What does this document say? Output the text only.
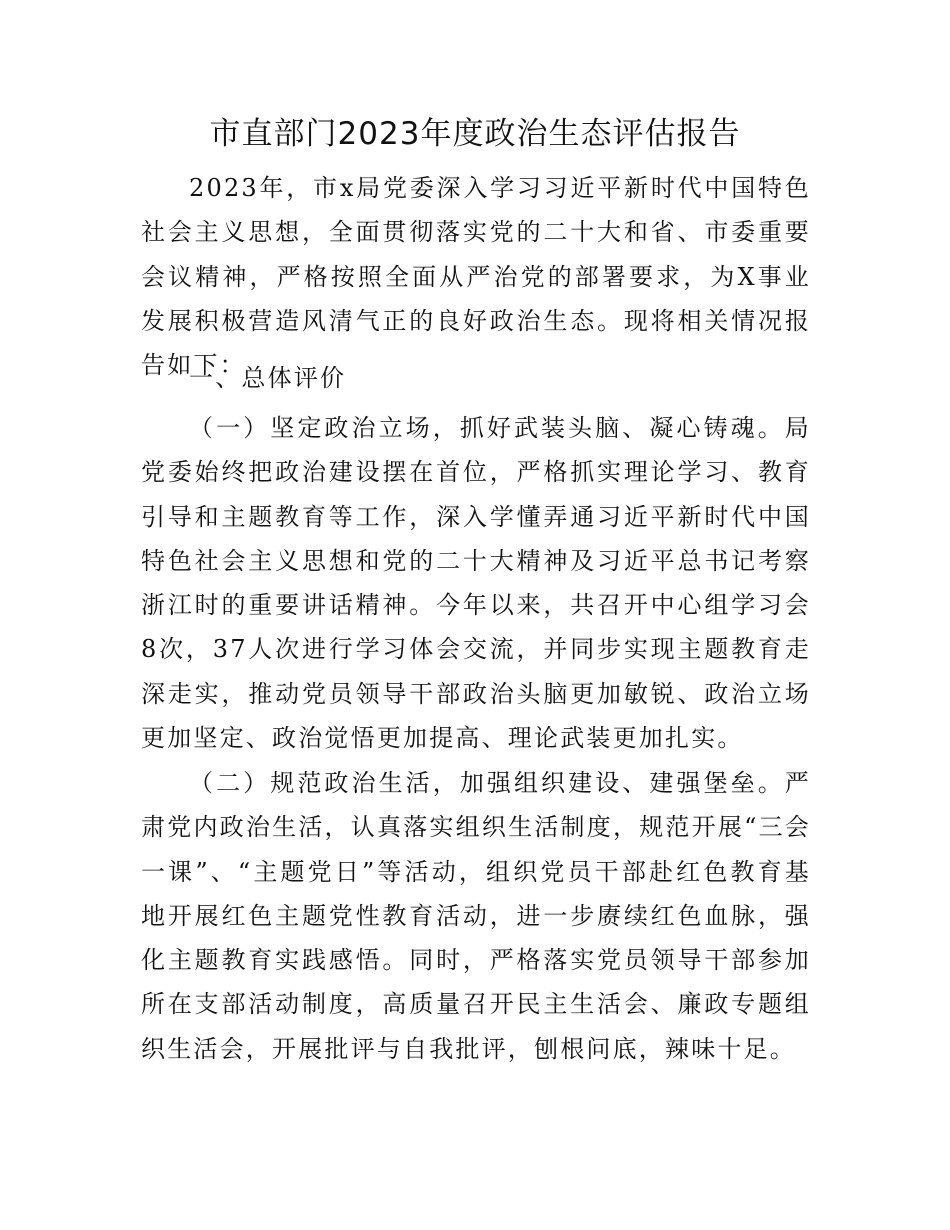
市直部门2023年度政治生态评估报告

2023年，市x局党委深入学习习近平新时代中国特色社会主义思想，全面贯彻落实党的二十大和省、市委重要会议精神，严格按照全面从严治党的部署要求，为X事业发展积极营造风清气正的良好政治生态。现将相关情况报告如下：

一、总体评价

（一）坚定政治立场，抓好武装头脑、凝心铸魂。局党委始终把政治建设摆在首位，严格抓实理论学习、教育引导和主题教育等工作，深入学懂弄通习近平新时代中国特色社会主义思想和党的二十大精神及习近平总书记考察浙江时的重要讲话精神。今年以来，共召开中心组学习会8次，37人次进行学习体会交流，并同步实现主题教育走深走实，推动党员领导干部政治头脑更加敏锐、政治立场更加坚定、政治觉悟更加提高、理论武装更加扎实。

（二）规范政治生活，加强组织建设、建强堡垒。严肃党内政治生活，认真落实组织生活制度，规范开展“三会一课”、“主题党日”等活动，组织党员干部赴红色教育基地开展红色主题党性教育活动，进一步赓续红色血脉，强化主题教育实践感悟。同时，严格落实党员领导干部参加所在支部活动制度，高质量召开民主生活会、廉政专题组织生活会，开展批评与自我批评，刨根问底，辣味十足。
